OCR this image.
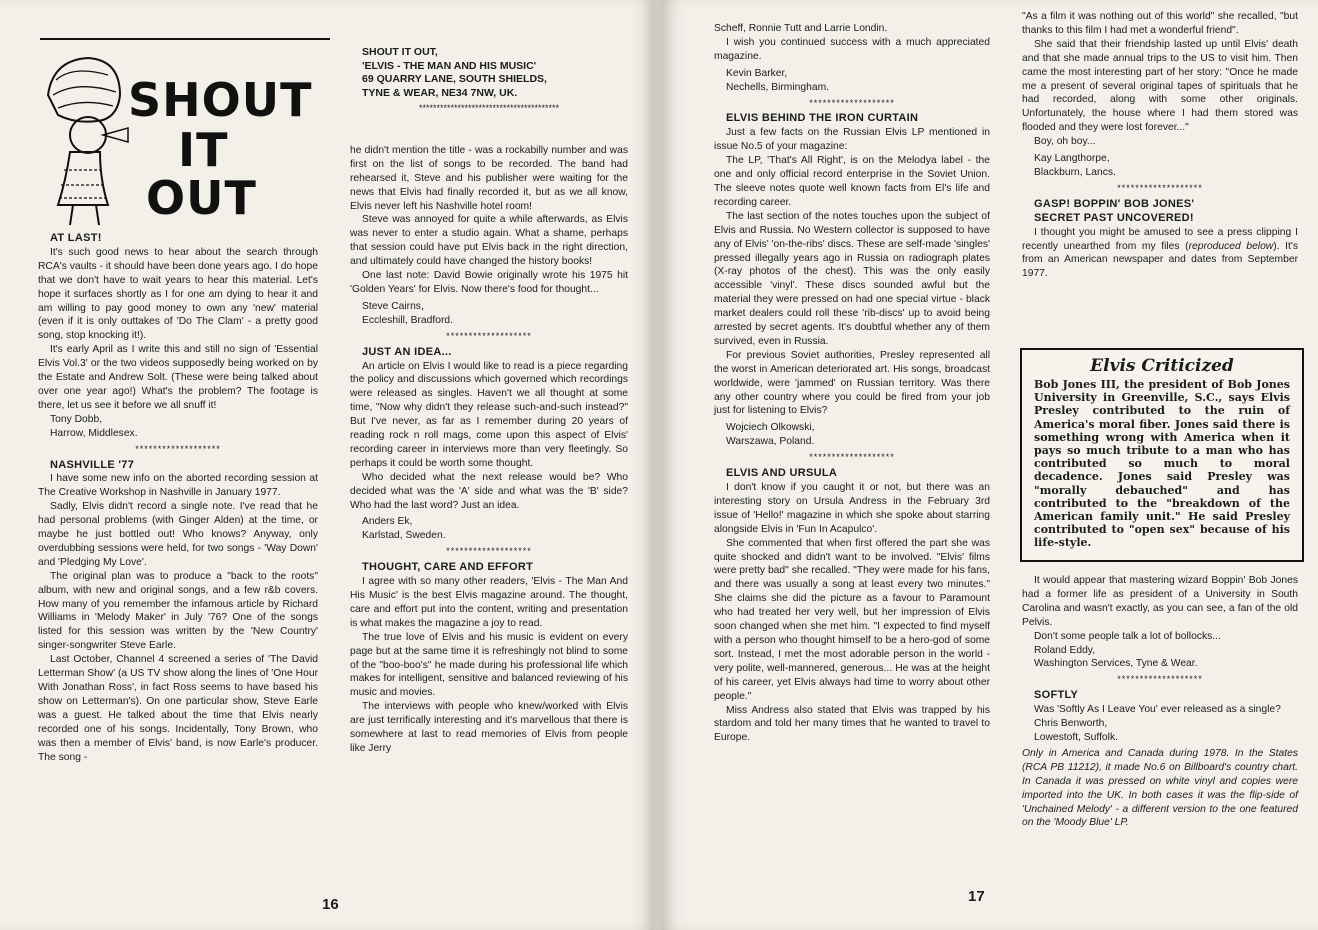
SHOUT
IT
OUT

AT LAST!

It's such good news to hear about the search through RCA's vaults - it should have been done years ago. I do hope that we don't have to wait years to hear this material. Let's hope it surfaces shortly as I for one am dying to hear it and am willing to pay good money to own any 'new' material (even if it is only outtakes of 'Do The Clam' - a pretty good song, stop knocking it!).

It's early April as I write this and still no sign of 'Essential Elvis Vol.3' or the two videos supposedly being worked on by the Estate and Andrew Solt. (These were being talked about over one year ago!) What's the problem? The footage is there, let us see it before we all snuff it!

Tony Dobb,

Harrow, Middlesex.

*******************

NASHVILLE '77

I have some new info on the aborted recording session at The Creative Workshop in Nashville in January 1977.

Sadly, Elvis didn't record a single note. I've read that he had personal problems (with Ginger Alden) at the time, or maybe he just bottled out! Who knows? Anyway, only overdubbing sessions were held, for two songs - 'Way Down' and 'Pledging My Love'.

The original plan was to produce a "back to the roots" album, with new and original songs, and a few r&b covers. How many of you remember the infamous article by Richard Williams in 'Melody Maker' in July '76? One of the songs listed for this session was written by the 'New Country' singer-songwriter Steve Earle.

Last October, Channel 4 screened a series of 'The David Letterman Show' (a US TV show along the lines of 'One Hour With Jonathan Ross', in fact Ross seems to have based his show on Letterman's). On one particular show, Steve Earle was a guest. He talked about the time that Elvis nearly recorded one of his songs. Incidentally, Tony Brown, who was then a member of Elvis' band, is now Earle's producer. The song -

SHOUT IT OUT,

'ELVIS - THE MAN AND HIS MUSIC'

69 QUARRY LANE, SOUTH SHIELDS,

TYNE & WEAR, NE34 7NW, UK.

****************************************

he didn't mention the title - was a rockabilly number and was first on the list of songs to be recorded. The band had rehearsed it, Steve and his publisher were waiting for the news that Elvis had finally recorded it, but as we all know, Elvis never left his Nashville hotel room!

Steve was annoyed for quite a while afterwards, as Elvis was never to enter a studio again. What a shame, perhaps that session could have put Elvis back in the right direction, and ultimately could have changed the history books!

One last note: David Bowie originally wrote his 1975 hit 'Golden Years' for Elvis. Now there's food for thought...

Steve Cairns,

Eccleshill, Bradford.

*******************

JUST AN IDEA...

An article on Elvis I would like to read is a piece regarding the policy and discussions which governed which recordings were released as singles. Haven't we all thought at some time, "Now why didn't they release such-and-such instead?" But I've never, as far as I remember during 20 years of reading rock n roll mags, come upon this aspect of Elvis' recording career in interviews more than very fleetingly. So perhaps it could be worth some thought.

Who decided what the next release would be? Who decided what was the 'A' side and what was the 'B' side? Who had the last word? Just an idea.

Anders Ek,

Karlstad, Sweden.

*******************

THOUGHT, CARE AND EFFORT

I agree with so many other readers, 'Elvis - The Man And His Music' is the best Elvis magazine around. The thought, care and effort put into the content, writing and presentation is what makes the magazine a joy to read.

The true love of Elvis and his music is evident on every page but at the same time it is refreshingly not blind to some of the "boo-boo's" he made during his professional life which makes for intelligent, sensitive and balanced reviewing of his music and movies.

The interviews with people who knew/worked with Elvis are just terrifically interesting and it's marvellous that there is somewhere at last to read memories of Elvis from people like Jerry

16

Scheff, Ronnie Tutt and Larrie Londin.

I wish you continued success with a much appreciated magazine.

Kevin Barker,

Nechells, Birmingham.

*******************

ELVIS BEHIND THE IRON CURTAIN

Just a few facts on the Russian Elvis LP mentioned in issue No.5 of your magazine:

The LP, 'That's All Right', is on the Melodya label - the one and only official record enterprise in the Soviet Union. The sleeve notes quote well known facts from El's life and recording career.

The last section of the notes touches upon the subject of Elvis and Russia. No Western collector is supposed to have any of Elvis' 'on-the-ribs' discs. These are self-made 'singles' pressed illegally years ago in Russia on radiograph plates (X-ray photos of the chest). This was the only easily accessible 'vinyl'. These discs sounded awful but the material they were pressed on had one special virtue - black market dealers could roll these 'rib-discs' up to avoid being arrested by secret agents. It's doubtful whether any of them survived, even in Russia.

For previous Soviet authorities, Presley represented all the worst in American deteriorated art. His songs, broadcast worldwide, were 'jammed' on Russian territory. Was there any other country where you could be fired from your job just for listening to Elvis?

Wojciech Olkowski,

Warszawa, Poland.

*******************

ELVIS AND URSULA

I don't know if you caught it or not, but there was an interesting story on Ursula Andress in the February 3rd issue of 'Hello!' magazine in which she spoke about starring alongside Elvis in 'Fun In Acapulco'.

She commented that when first offered the part she was quite shocked and didn't want to be involved. "Elvis' films were pretty bad" she recalled. "They were made for his fans, and there was usually a song at least every two minutes." She claims she did the picture as a favour to Paramount who had treated her very well, but her impression of Elvis soon changed when she met him. "I expected to find myself with a person who thought himself to be a hero-god of some sort. Instead, I met the most adorable person in the world - very polite, well-mannered, generous... He was at the height of his career, yet Elvis always had time to worry about other people."

Miss Andress also stated that Elvis was trapped by his stardom and told her many times that he wanted to travel to Europe.

17

"As a film it was nothing out of this world" she recalled, "but thanks to this film I had met a wonderful friend".

She said that their friendship lasted up until Elvis' death and that she made annual trips to the US to visit him. Then came the most interesting part of her story: "Once he made me a present of several original tapes of spirituals that he had recorded, along with some other originals. Unfortunately, the house where I had them stored was flooded and they were lost forever..."

Boy, oh boy...

Kay Langthorpe,

Blackburn, Lancs.

*******************

GASP! BOPPIN' BOB JONES'

SECRET PAST UNCOVERED!

I thought you might be amused to see a press clipping I recently unearthed from my files (reproduced below). It's from an American newspaper and dates from September 1977.

Elvis Criticized
Bob Jones III, the president of Bob Jones University in Greenville, S.C., says Elvis Presley contributed to the ruin of America's moral fiber. Jones said there is something wrong with America when it pays so much tribute to a man who has contributed so much to moral decadence. Jones said Presley was "morally debauched" and has contributed to the "breakdown of the American family unit." He said Presley contributed to "open sex" because of his life-style.

It would appear that mastering wizard Boppin' Bob Jones had a former life as president of a University in South Carolina and wasn't exactly, as you can see, a fan of the old Pelvis.

Don't some people talk a lot of bollocks...

Roland Eddy,

Washington Services, Tyne & Wear.

*******************

SOFTLY

Was 'Softly As I Leave You' ever released as a single?

Chris Benworth,

Lowestoft, Suffolk.

Only in America and Canada during 1978. In the States (RCA PB 11212), it made No.6 on Billboard's country chart. In Canada it was pressed on white vinyl and copies were imported into the UK. In both cases it was the flip-side of 'Unchained Melody' - a different version to the one featured on the 'Moody Blue' LP.
